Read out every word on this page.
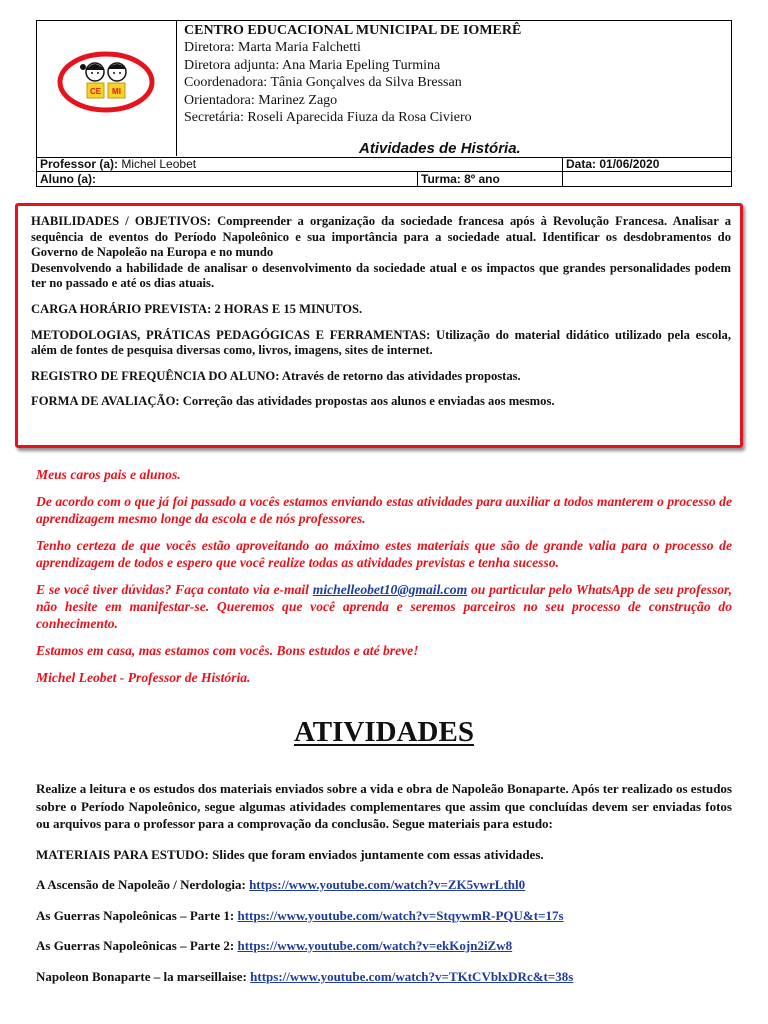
CE MI
CENTRO EDUCACIONAL MUNICIPAL DE IOMERÊ
Diretora: Marta Maria Falchetti
Diretora adjunta: Ana Maria Epeling Turmina
Coordenadora: Tânia Gonçalves da Silva Bressan
Orientadora: Marinez Zago
Secretária: Roseli Aparecida Fiuza da Rosa Civiero
Atividades de História.
Professor (a): Michel Leobet	Data: 01/06/2020
Aluno (a):	Turma: 8º ano

HABILIDADES / OBJETIVOS: Compreender a organização da sociedade francesa após à Revolução Francesa. Analisar a sequência de eventos do Período Napoleônico e sua importância para a sociedade atual. Identificar os desdobramentos do Governo de Napoleão na Europa e no mundo
Desenvolvendo a habilidade de analisar o desenvolvimento da sociedade atual e os impactos que grandes personalidades podem ter no passado e até os dias atuais.

CARGA HORÁRIO PREVISTA: 2 HORAS E 15 MINUTOS.

METODOLOGIAS, PRÁTICAS PEDAGÓGICAS E FERRAMENTAS: Utilização do material didático utilizado pela escola, além de fontes de pesquisa diversas como, livros, imagens, sites de internet.

REGISTRO DE FREQUÊNCIA DO ALUNO: Através de retorno das atividades propostas.

FORMA DE AVALIAÇÃO: Correção das atividades propostas aos alunos e enviadas aos mesmos.

Meus caros pais e alunos.

De acordo com o que já foi passado a vocês estamos enviando estas atividades para auxiliar a todos manterem o processo de aprendizagem mesmo longe da escola e de nós professores.

Tenho certeza de que vocês estão aproveitando ao máximo estes materiais que são de grande valia para o processo de aprendizagem de todos e espero que você realize todas as atividades previstas e tenha sucesso.

E se você tiver dúvidas? Faça contato via e-mail michelleobet10@gmail.com ou particular pelo WhatsApp de seu professor, não hesite em manifestar-se. Queremos que você aprenda e seremos parceiros no seu processo de construção do conhecimento.

Estamos em casa, mas estamos com vocês. Bons estudos e até breve!

Michel Leobet - Professor de História.

ATIVIDADES

Realize a leitura e os estudos dos materiais enviados sobre a vida e obra de Napoleão Bonaparte. Após ter realizado os estudos sobre o Período Napoleônico, segue algumas atividades complementares que assim que concluídas devem ser enviadas fotos ou arquivos para o professor para a comprovação da conclusão. Segue materiais para estudo:

MATERIAIS PARA ESTUDO: Slides que foram enviados juntamente com essas atividades.

A Ascensão de Napoleão / Nerdologia: https://www.youtube.com/watch?v=ZK5vwrLthl0

As Guerras Napoleônicas – Parte 1: https://www.youtube.com/watch?v=StqywmR-PQU&t=17s

As Guerras Napoleônicas – Parte 2: https://www.youtube.com/watch?v=ekKojn2iZw8

Napoleon Bonaparte – la marseillaise: https://www.youtube.com/watch?v=TKtCVblxDRc&t=38s
